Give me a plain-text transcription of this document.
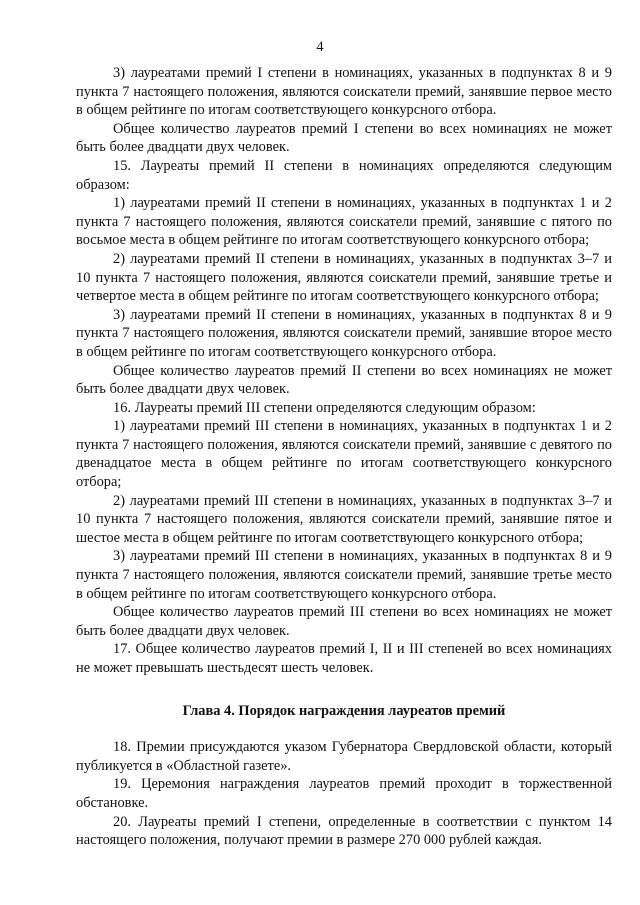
4

3) лауреатами премий I степени в номинациях, указанных в подпунктах 8 и 9 пункта 7 настоящего положения, являются соискатели премий, занявшие первое место в общем рейтинге по итогам соответствующего конкурсного отбора.

Общее количество лауреатов премий I степени во всех номинациях не может быть более двадцати двух человек.

15. Лауреаты премий II степени в номинациях определяются следующим образом:

1) лауреатами премий II степени в номинациях, указанных в подпунктах 1 и 2 пункта 7 настоящего положения, являются соискатели премий, занявшие с пятого по восьмое места в общем рейтинге по итогам соответствующего конкурсного отбора;

2) лауреатами премий II степени в номинациях, указанных в подпунктах 3–7 и 10 пункта 7 настоящего положения, являются соискатели премий, занявшие третье и четвертое места в общем рейтинге по итогам соответствующего конкурсного отбора;

3) лауреатами премий II степени в номинациях, указанных в подпунктах 8 и 9 пункта 7 настоящего положения, являются соискатели премий, занявшие второе место в общем рейтинге по итогам соответствующего конкурсного отбора.

Общее количество лауреатов премий II степени во всех номинациях не может быть более двадцати двух человек.

16. Лауреаты премий III степени определяются следующим образом:

1) лауреатами премий III степени в номинациях, указанных в подпунктах 1 и 2 пункта 7 настоящего положения, являются соискатели премий, занявшие с девятого по двенадцатое места в общем рейтинге по итогам соответствующего конкурсного отбора;

2) лауреатами премий III степени в номинациях, указанных в подпунктах 3–7 и 10 пункта 7 настоящего положения, являются соискатели премий, занявшие пятое и шестое места в общем рейтинге по итогам соответствующего конкурсного отбора;

3) лауреатами премий III степени в номинациях, указанных в подпунктах 8 и 9 пункта 7 настоящего положения, являются соискатели премий, занявшие третье место в общем рейтинге по итогам соответствующего конкурсного отбора.

Общее количество лауреатов премий III степени во всех номинациях не может быть более двадцати двух человек.

17. Общее количество лауреатов премий I, II и III степеней во всех номинациях не может превышать шестьдесят шесть человек.

Глава 4. Порядок награждения лауреатов премий

18. Премии присуждаются указом Губернатора Свердловской области, который публикуется в «Областной газете».

19. Церемония награждения лауреатов премий проходит в торжественной обстановке.

20. Лауреаты премий I степени, определенные в соответствии с пунктом 14 настоящего положения, получают премии в размере 270 000 рублей каждая.
